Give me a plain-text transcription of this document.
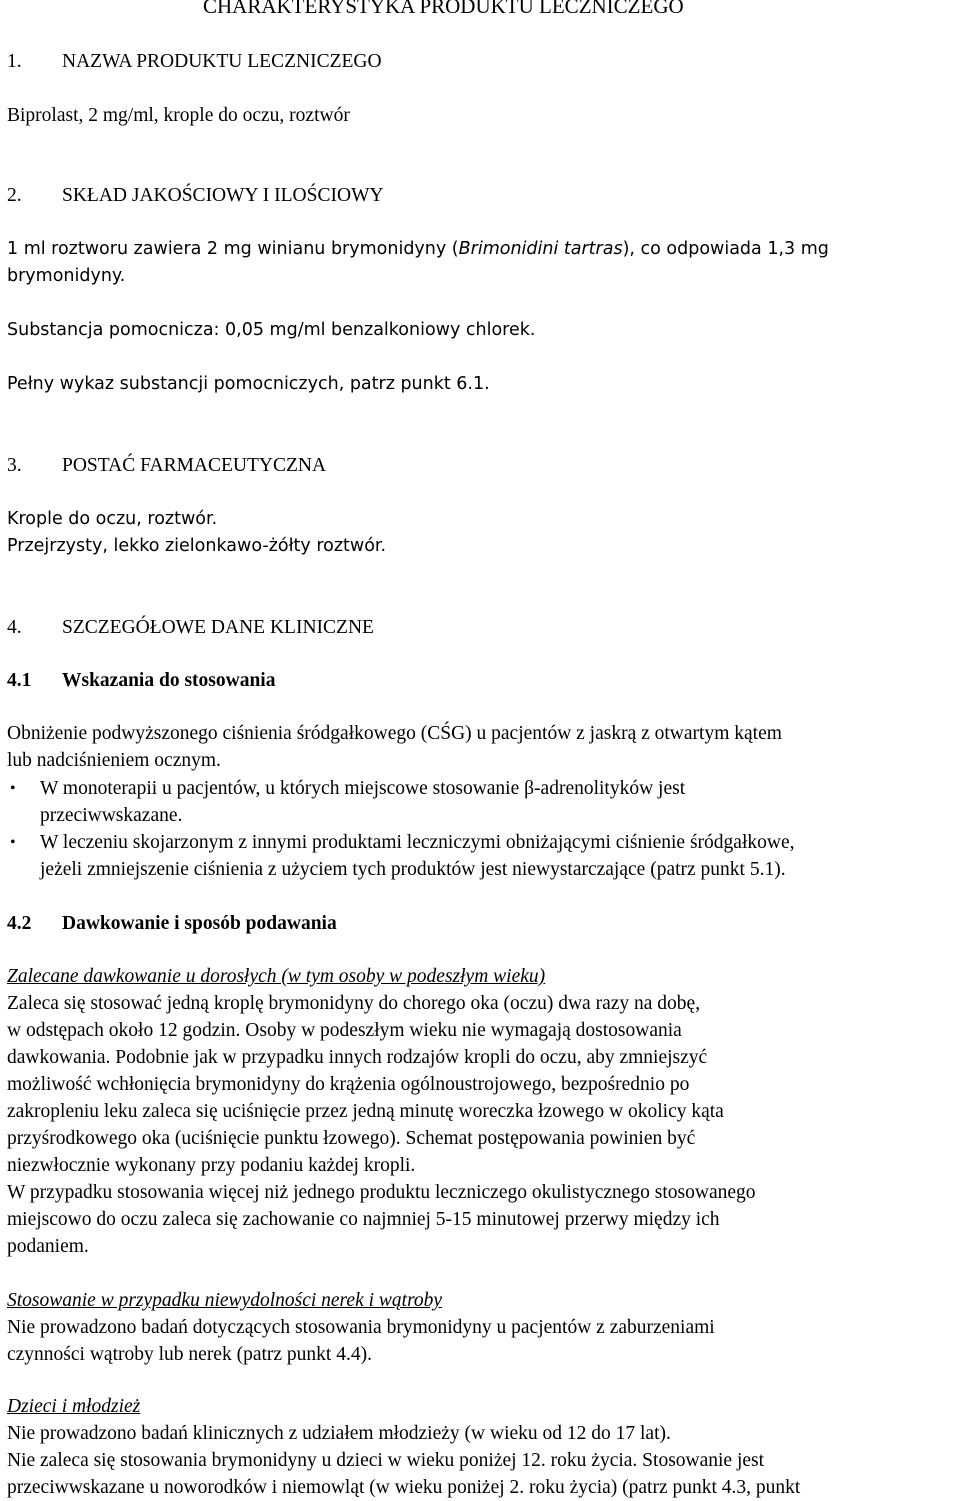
CHARAKTERYSTYKA PRODUKTU LECZNICZEGO
1. NAZWA PRODUKTU LECZNICZEGO
Biprolast, 2 mg/ml, krople do oczu, roztwór
2. SKŁAD JAKOŚCIOWY I ILOŚCIOWY
1 ml roztworu zawiera 2 mg winianu brymonidyny (Brimonidini tartras), co odpowiada 1,3 mg
brymonidyny.
Substancja pomocnicza: 0,05 mg/ml benzalkoniowy chlorek.
Pełny wykaz substancji pomocniczych, patrz punkt 6.1.
3. POSTAĆ FARMACEUTYCZNA
Krople do oczu, roztwór.
Przejrzysty, lekko zielonkawo-żółty roztwór.
4. SZCZEGÓŁOWE DANE KLINICZNE
4.1 Wskazania do stosowania
Obniżenie podwyższonego ciśnienia śródgałkowego (CŚG) u pacjentów z jaskrą z otwartym kątem
lub nadciśnieniem ocznym.
• W monoterapii u pacjentów, u których miejscowe stosowanie β-adrenolityków jest
przeciwwskazane.
• W leczeniu skojarzonym z innymi produktami leczniczymi obniżającymi ciśnienie śródgałkowe,
jeżeli zmniejszenie ciśnienia z użyciem tych produktów jest niewystarczające (patrz punkt 5.1).
4.2 Dawkowanie i sposób podawania
Zalecane dawkowanie u dorosłych (w tym osoby w podeszłym wieku)
Zaleca się stosować jedną kroplę brymonidyny do chorego oka (oczu) dwa razy na dobę,
w odstępach około 12 godzin. Osoby w podeszłym wieku nie wymagają dostosowania
dawkowania. Podobnie jak w przypadku innych rodzajów kropli do oczu, aby zmniejszyć
możliwość wchłonięcia brymonidyny do krążenia ogólnoustrojowego, bezpośrednio po
zakropleniu leku zaleca się uciśnięcie przez jedną minutę woreczka łzowego w okolicy kąta
przyśrodkowego oka (uciśnięcie punktu łzowego). Schemat postępowania powinien być
niezwłocznie wykonany przy podaniu każdej kropli.
W przypadku stosowania więcej niż jednego produktu leczniczego okulistycznego stosowanego
miejscowo do oczu zaleca się zachowanie co najmniej 5-15 minutowej przerwy między ich
podaniem.
Stosowanie w przypadku niewydolności nerek i wątroby
Nie prowadzono badań dotyczących stosowania brymonidyny u pacjentów z zaburzeniami
czynności wątroby lub nerek (patrz punkt 4.4).
Dzieci i młodzież
Nie prowadzono badań klinicznych z udziałem młodzieży (w wieku od 12 do 17 lat).
Nie zaleca się stosowania brymonidyny u dzieci w wieku poniżej 12. roku życia. Stosowanie jest
przeciwwskazane u noworodków i niemowląt (w wieku poniżej 2. roku życia) (patrz punkt 4.3, punkt
